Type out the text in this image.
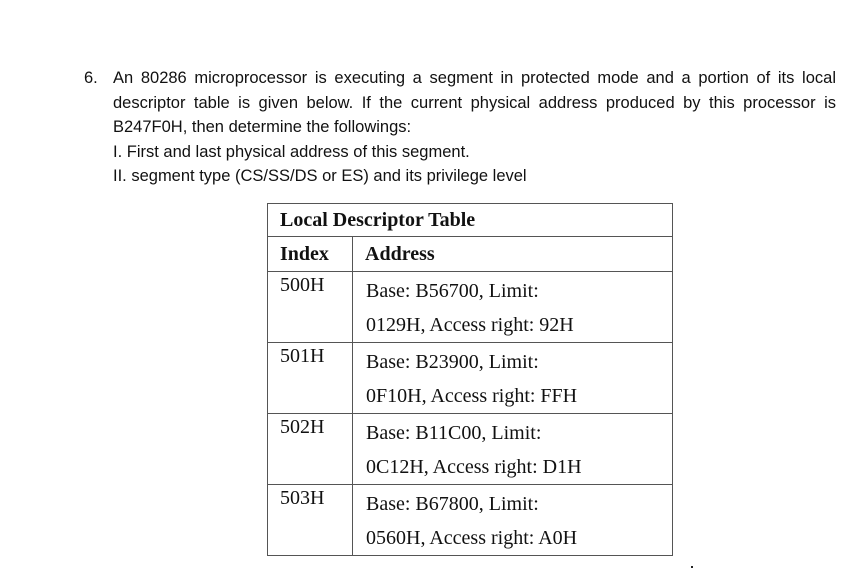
6. An 80286 microprocessor is executing a segment in protected mode and a portion of its local descriptor table is given below. If the current physical address produced by this processor is B247F0H, then determine the followings:
I. First and last physical address of this segment.
II. segment type (CS/SS/DS or ES) and its privilege level
Local Descriptor Table	
Index	Address
500H	Base: B56700, Limit:
0129H, Access right: 92H

501H	Base: B23900, Limit:
0F10H, Access right: FFH

502H	Base: B11C00, Limit:
0C12H, Access right: D1H

503H	Base: B67800, Limit:
0560H, Access right: A0H
